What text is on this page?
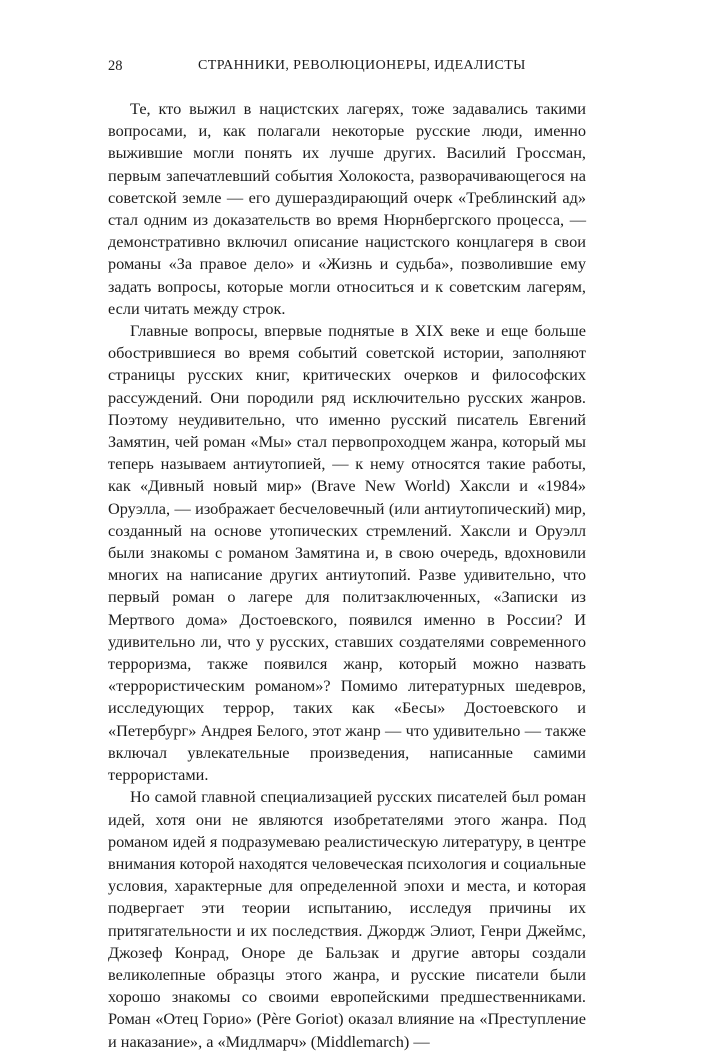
28	СТРАННИКИ, РЕВОЛЮЦИОНЕРЫ, ИДЕАЛИСТЫ

Те, кто выжил в нацистских лагерях, тоже задавались такими вопросами, и, как полагали некоторые русские люди, именно выжившие могли понять их лучше других. Василий Гроссман, первым запечатлевший события Холокоста, разворачивающегося на советской земле — его душераздирающий очерк «Треблинский ад» стал одним из доказательств во время Нюрнбергского процесса, — демонстративно включил описание нацистского концлагеря в свои романы «За правое дело» и «Жизнь и судьба», позволившие ему задать вопросы, которые могли относиться и к советским лагерям, если читать между строк.

Главные вопросы, впервые поднятые в XIX веке и еще больше обострившиеся во время событий советской истории, заполняют страницы русских книг, критических очерков и философских рассуждений. Они породили ряд исключительно русских жанров. Поэтому неудивительно, что именно русский писатель Евгений Замятин, чей роман «Мы» стал первопроходцем жанра, который мы теперь называем антиутопией, — к нему относятся такие работы, как «Дивный новый мир» (Brave New World) Хаксли и «1984» Оруэлла, — изображает бесчеловечный (или антиутопический) мир, созданный на основе утопических стремлений. Хаксли и Оруэлл были знакомы с романом Замятина и, в свою очередь, вдохновили многих на написание других антиутопий. Разве удивительно, что первый роман о лагере для политзаключенных, «Записки из Мертвого дома» Достоевского, появился именно в России? И удивительно ли, что у русских, ставших создателями современного терроризма, также появился жанр, который можно назвать «террористическим романом»? Помимо литературных шедевров, исследующих террор, таких как «Бесы» Достоевского и «Петербург» Андрея Белого, этот жанр — что удивительно — также включал увлекательные произведения, написанные самими террористами.

Но самой главной специализацией русских писателей был роман идей, хотя они не являются изобретателями этого жанра. Под романом идей я подразумеваю реалистическую литературу, в центре внимания которой находятся человеческая психология и социальные условия, характерные для определенной эпохи и места, и которая подвергает эти теории испытанию, исследуя причины их притягательности и их последствия. Джордж Элиот, Генри Джеймс, Джозеф Конрад, Оноре де Бальзак и другие авторы создали великолепные образцы этого жанра, и русские писатели были хорошо знакомы со своими европейскими предшественниками. Роман «Отец Горио» (Père Goriot) оказал влияние на «Преступление и наказание», а «Мидлмарч» (Middlemarch) —
